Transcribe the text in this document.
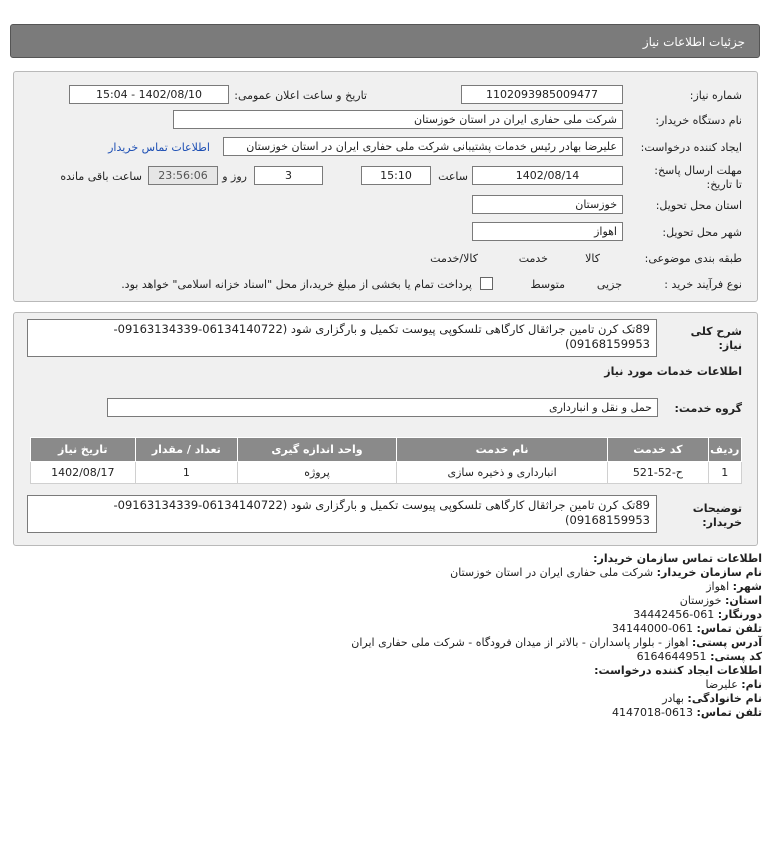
جزئیات اطلاعات نیاز
شماره نیاز:
1102093985009477
تاریخ و ساعت اعلان عمومی:
1402/08/10 - 15:04
نام دستگاه خریدار:
شرکت ملی حفاری ایران در استان خوزستان
ایجاد کننده درخواست:
علیرضا بهادر رئیس خدمات پشتیبانی شرکت ملی حفاری ایران در استان خوزستان
اطلاعات تماس خریدار
مهلت ارسال پاسخ: تا تاریخ:
1402/08/14
ساعت
15:10
3
روز و
23:56:06
ساعت باقی مانده
استان محل تحویل:
خوزستان
شهر محل تحویل:
اهواز
طبقه بندی موضوعی:

کالا

خدمت

کالا/خدمت
نوع فرآیند خرید :

جزیی
متوسط
پرداخت تمام یا بخشی از مبلغ خرید،از محل "اسناد خزانه اسلامی" خواهد بود.
شرح کلی نیاز:
89تک کرن تامین جراثقال کارگاهی تلسکوپی پیوست تکمیل و بارگزاری شود (06134140722-09163134339-09168159953)
اطلاعات خدمات مورد نیاز
گروه خدمت:
حمل و نقل و انبارداری
ردیف	کد خدمت	نام خدمت	واحد اندازه گیری	تعداد / مقدار	تاریخ نیاز
1	ح-52-521	انبارداری و ذخیره سازی	پروژه	1	1402/08/17
توضیحات خریدار:
89تک کرن تامین جراثقال کارگاهی تلسکوپی پیوست تکمیل و بارگزاری شود (06134140722-09163134339-09168159953)
اطلاعات تماس سازمان خریدار:
نام سازمان خریدار: شرکت ملی حفاری ایران در استان خوزستان
شهر: اهواز
استان: خوزستان
دورنگار: 061-34442456
تلفن تماس: 061-34144000
آدرس پستی: اهواز - بلوار پاسداران - بالاتر از میدان فرودگاه - شرکت ملی حفاری ایران
کد پستی: 6164644951
اطلاعات ایجاد کننده درخواست:
نام: علیرضا
نام خانوادگی: بهادر
تلفن تماس: 0613-4147018
